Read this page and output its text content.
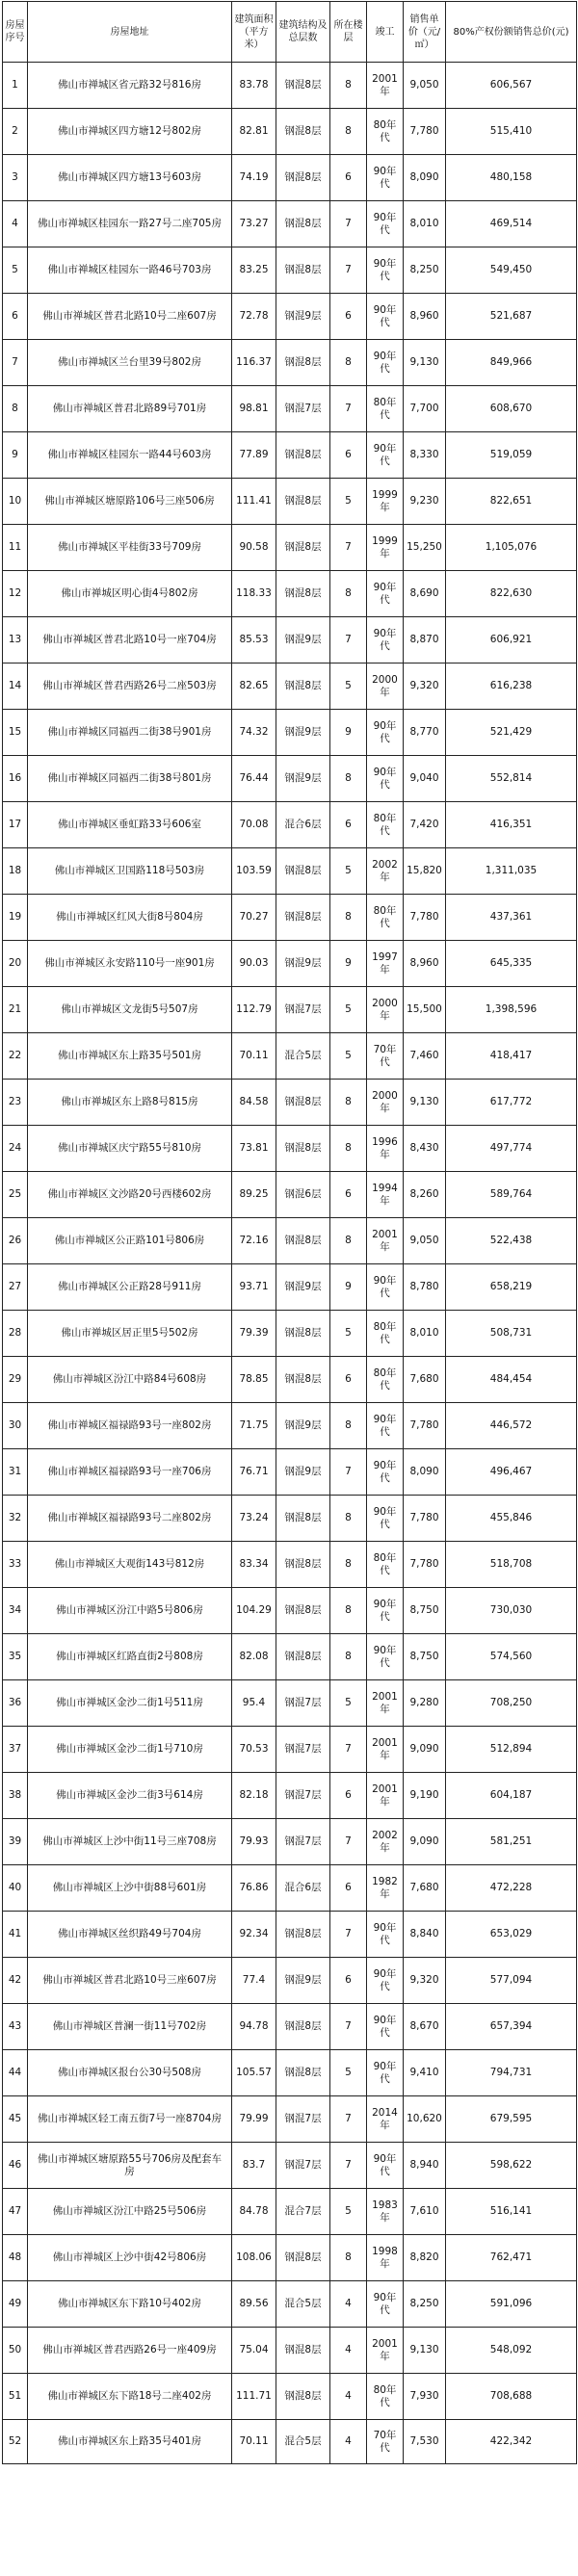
房屋序号	房屋地址	建筑面积（平方米）	建筑结构及总层数	所在楼层	竣工	销售单价（元/㎡）	80%产权份额销售总价(元)
1	佛山市禅城区省元路32号816房	83.78	钢混8层	8	2001年	9,050	606,567
2	佛山市禅城区四方塘12号802房	82.81	钢混8层	8	80年代	7,780	515,410
3	佛山市禅城区四方塘13号603房	74.19	钢混8层	6	90年代	8,090	480,158
4	佛山市禅城区桂园东一路27号二座705房	73.27	钢混8层	7	90年代	8,010	469,514
5	佛山市禅城区桂园东一路46号703房	83.25	钢混8层	7	90年代	8,250	549,450
6	佛山市禅城区普君北路10号二座607房	72.78	钢混9层	6	90年代	8,960	521,687
7	佛山市禅城区兰台里39号802房	116.37	钢混8层	8	90年代	9,130	849,966
8	佛山市禅城区普君北路89号701房	98.81	钢混7层	7	80年代	7,700	608,670
9	佛山市禅城区桂园东一路44号603房	77.89	钢混8层	6	90年代	8,330	519,059
10	佛山市禅城区塘原路106号三座506房	111.41	钢混8层	5	1999年	9,230	822,651
11	佛山市禅城区平桂街33号709房	90.58	钢混8层	7	1999年	15,250	1,105,076
12	佛山市禅城区明心街4号802房	118.33	钢混8层	8	90年代	8,690	822,630
13	佛山市禅城区普君北路10号一座704房	85.53	钢混9层	7	90年代	8,870	606,921
14	佛山市禅城区普君西路26号二座503房	82.65	钢混8层	5	2000年	9,320	616,238
15	佛山市禅城区同福西二街38号901房	74.32	钢混9层	9	90年代	8,770	521,429
16	佛山市禅城区同福西二街38号801房	76.44	钢混9层	8	90年代	9,040	552,814
17	佛山市禅城区垂虹路33号606室	70.08	混合6层	6	80年代	7,420	416,351
18	佛山市禅城区卫国路118号503房	103.59	钢混8层	5	2002年	15,820	1,311,035
19	佛山市禅城区红风大街8号804房	70.27	钢混8层	8	80年代	7,780	437,361
20	佛山市禅城区永安路110号一座901房	90.03	钢混9层	9	1997年	8,960	645,335
21	佛山市禅城区文龙街5号507房	112.79	钢混7层	5	2000年	15,500	1,398,596
22	佛山市禅城区东上路35号501房	70.11	混合5层	5	70年代	7,460	418,417
23	佛山市禅城区东上路8号815房	84.58	钢混8层	8	2000年	9,130	617,772
24	佛山市禅城区庆宁路55号810房	73.81	钢混8层	8	1996年	8,430	497,774
25	佛山市禅城区文沙路20号西楼602房	89.25	钢混6层	6	1994年	8,260	589,764
26	佛山市禅城区公正路101号806房	72.16	钢混8层	8	2001年	9,050	522,438
27	佛山市禅城区公正路28号911房	93.71	钢混9层	9	90年代	8,780	658,219
28	佛山市禅城区居正里5号502房	79.39	钢混8层	5	80年代	8,010	508,731
29	佛山市禅城区汾江中路84号608房	78.85	钢混8层	6	80年代	7,680	484,454
30	佛山市禅城区福禄路93号一座802房	71.75	钢混9层	8	90年代	7,780	446,572
31	佛山市禅城区福禄路93号一座706房	76.71	钢混9层	7	90年代	8,090	496,467
32	佛山市禅城区福禄路93号二座802房	73.24	钢混8层	8	90年代	7,780	455,846
33	佛山市禅城区大观街143号812房	83.34	钢混8层	8	80年代	7,780	518,708
34	佛山市禅城区汾江中路5号806房	104.29	钢混8层	8	90年代	8,750	730,030
35	佛山市禅城区红路直街2号808房	82.08	钢混8层	8	90年代	8,750	574,560
36	佛山市禅城区金沙二街1号511房	95.4	钢混7层	5	2001年	9,280	708,250
37	佛山市禅城区金沙二街1号710房	70.53	钢混7层	7	2001年	9,090	512,894
38	佛山市禅城区金沙二街3号614房	82.18	钢混7层	6	2001年	9,190	604,187
39	佛山市禅城区上沙中街11号三座708房	79.93	钢混7层	7	2002年	9,090	581,251
40	佛山市禅城区上沙中街88号601房	76.86	混合6层	6	1982年	7,680	472,228
41	佛山市禅城区丝织路49号704房	92.34	钢混8层	7	90年代	8,840	653,029
42	佛山市禅城区普君北路10号三座607房	77.4	钢混9层	6	90年代	9,320	577,094
43	佛山市禅城区普澜一街11号702房	94.78	钢混8层	7	90年代	8,670	657,394
44	佛山市禅城区报台公30号508房	105.57	钢混8层	5	90年代	9,410	794,731
45	佛山市禅城区轻工南五街7号一座8704房	79.99	钢混7层	7	2014年	10,620	679,595
46	佛山市禅城区塘原路55号706房及配套车房	83.7	钢混7层	7	90年代	8,940	598,622
47	佛山市禅城区汾江中路25号506房	84.78	混合7层	5	1983年	7,610	516,141
48	佛山市禅城区上沙中街42号806房	108.06	钢混8层	8	1998年	8,820	762,471
49	佛山市禅城区东下路10号402房	89.56	混合5层	4	90年代	8,250	591,096
50	佛山市禅城区普君西路26号一座409房	75.04	钢混8层	4	2001年	9,130	548,092
51	佛山市禅城区东下路18号二座402房	111.71	钢混8层	4	80年代	7,930	708,688
52	佛山市禅城区东上路35号401房	70.11	混合5层	4	70年代	7,530	422,342
